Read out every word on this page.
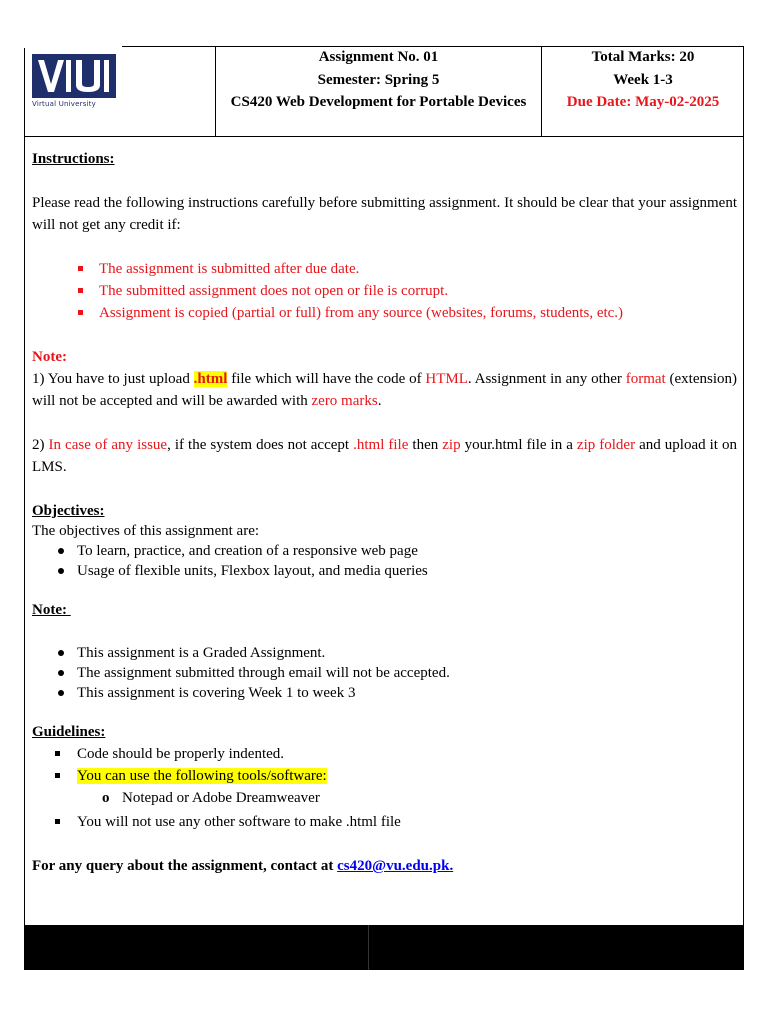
Virtual University
Assignment No. 01
Semester: Spring 5
CS420 Web Development for Portable Devices
Total Marks: 20
Week 1-3
Due Date: May-02-2025
Instructions:
Please read the following instructions carefully before submitting assignment. It should be clear that your assignment will not get any credit if:
The assignment is submitted after due date.
The submitted assignment does not open or file is corrupt.
Assignment is copied (partial or full) from any source (websites, forums, students, etc.)
Note:
1) You have to just upload .html file which will have the code of HTML. Assignment in any other format (extension) will not be accepted and will be awarded with zero marks.
2) In case of any issue, if the system does not accept .html file then zip your.html file in a zip folder and upload it on LMS.
Objectives:
The objectives of this assignment are:
To learn, practice, and creation of a responsive web page
Usage of flexible units, Flexbox layout, and media queries
Note:
This assignment is a Graded Assignment.
The assignment submitted through email will not be accepted.
This assignment is covering Week 1 to week 3
Guidelines:
Code should be properly indented.
You can use the following tools/software:
o Notepad or Adobe Dreamweaver
You will not use any other software to make .html file
For any query about the assignment, contact at cs420@vu.edu.pk.
